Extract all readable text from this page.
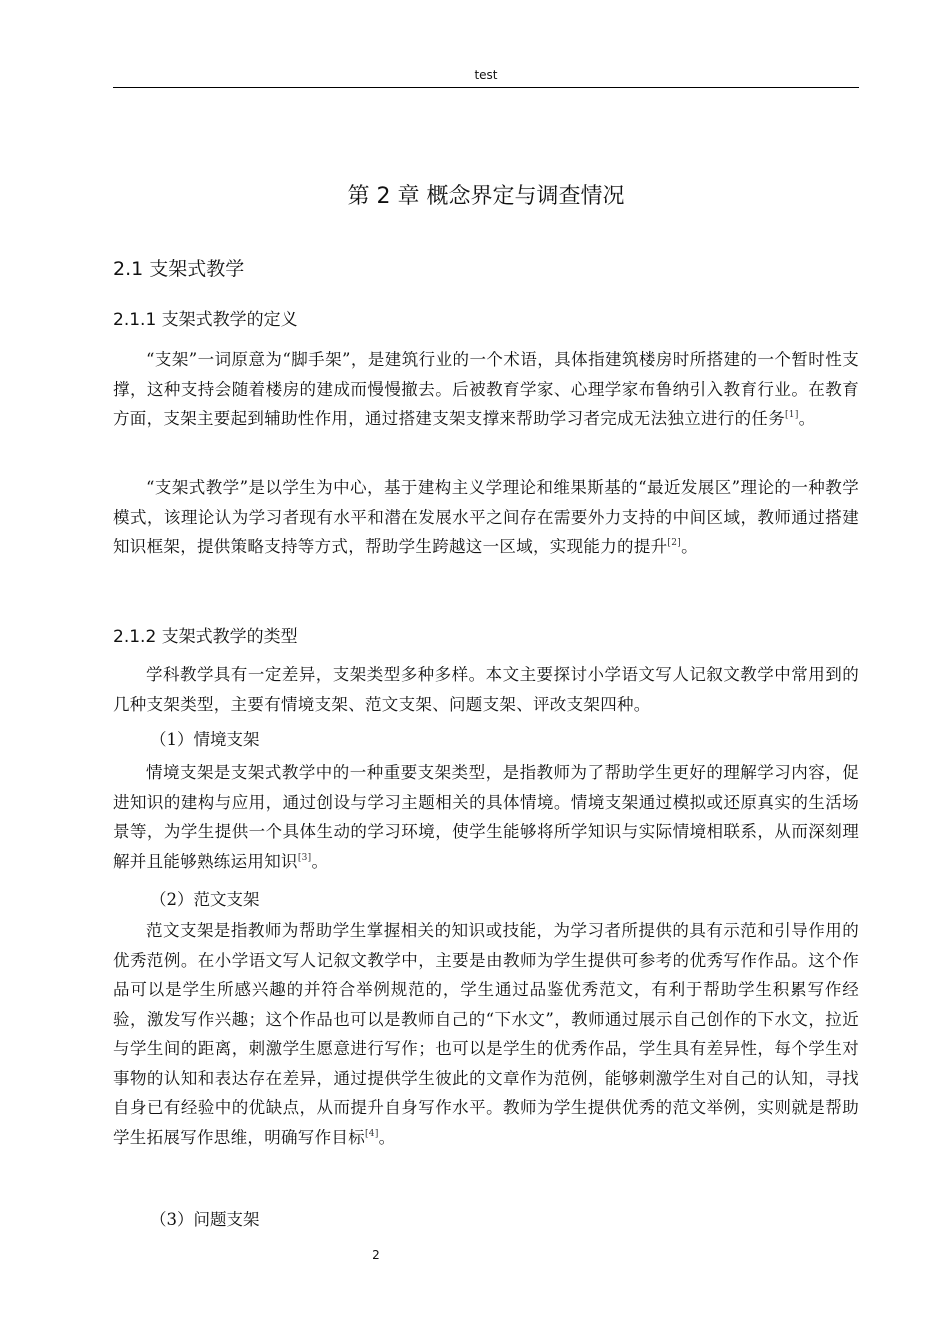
test
第 2 章 概念界定与调查情况
2.1 支架式教学
2.1.1 支架式教学的定义

“支架”一词原意为“脚手架”，是建筑行业的一个术语，具体指建筑楼房时所搭建的一个暂时性支撑，这种支持会随着楼房的建成而慢慢撤去。后被教育学家、心理学家布鲁纳引入教育行业。在教育方面，支架主要起到辅助性作用，通过搭建支架支撑来帮助学习者完成无法独立进行的任务[1]。

“支架式教学”是以学生为中心，基于建构主义学理论和维果斯基的“最近发展区”理论的一种教学模式，该理论认为学习者现有水平和潜在发展水平之间存在需要外力支持的中间区域，教师通过搭建知识框架，提供策略支持等方式，帮助学生跨越这一区域，实现能力的提升[2]。

2.1.2 支架式教学的类型

学科教学具有一定差异，支架类型多种多样。本文主要探讨小学语文写人记叙文教学中常用到的几种支架类型，主要有情境支架、范文支架、问题支架、评改支架四种。

（1）情境支架

情境支架是支架式教学中的一种重要支架类型，是指教师为了帮助学生更好的理解学习内容，促进知识的建构与应用，通过创设与学习主题相关的具体情境。情境支架通过模拟或还原真实的生活场景等，为学生提供一个具体生动的学习环境，使学生能够将所学知识与实际情境相联系，从而深刻理解并且能够熟练运用知识[3]。

（2）范文支架

范文支架是指教师为帮助学生掌握相关的知识或技能，为学习者所提供的具有示范和引导作用的优秀范例。在小学语文写人记叙文教学中，主要是由教师为学生提供可参考的优秀写作作品。这个作品可以是学生所感兴趣的并符合举例规范的，学生通过品鉴优秀范文，有利于帮助学生积累写作经验，激发写作兴趣；这个作品也可以是教师自己的“下水文”，教师通过展示自己创作的下水文，拉近与学生间的距离，刺激学生愿意进行写作；也可以是学生的优秀作品，学生具有差异性，每个学生对事物的认知和表达存在差异，通过提供学生彼此的文章作为范例，能够刺激学生对自己的认知，寻找自身已有经验中的优缺点，从而提升自身写作水平。教师为学生提供优秀的范文举例，实则就是帮助学生拓展写作思维，明确写作目标[4]。

（3）问题支架

2
